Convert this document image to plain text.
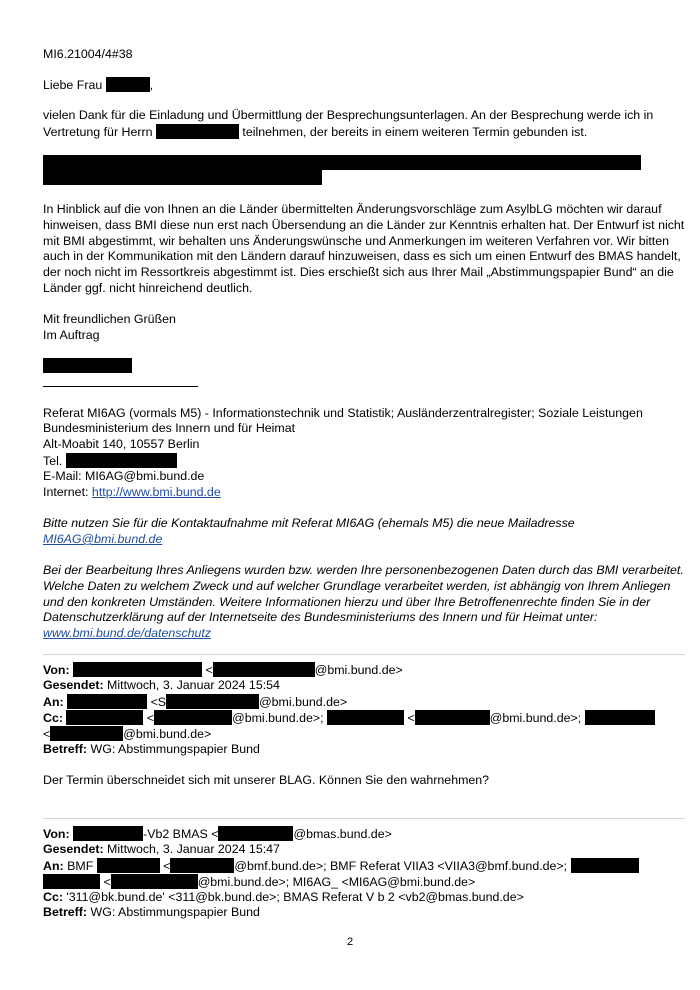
MI6.21004/4#38
Liebe Frau	,
vielen Dank für die Einladung und Übermittlung der Besprechungsunterlagen. An der Besprechung werde ich in
Vertretung für Herrn	teilnehmen, der bereits in einem weiteren Termin gebunden ist.
In Hinblick auf die von Ihnen an die Länder übermittelten Änderungsvorschläge zum AsylbLG möchten wir darauf
hinweisen, dass BMI diese nun erst nach Übersendung an die Länder zur Kenntnis erhalten hat. Der Entwurf ist nicht
mit BMI abgestimmt, wir behalten uns Änderungswünsche und Anmerkungen im weiteren Verfahren vor. Wir bitten
auch in der Kommunikation mit den Ländern darauf hinzuweisen, dass es sich um einen Entwurf des BMAS handelt,
der noch nicht im Ressortkreis abgestimmt ist. Dies erschießt sich aus Ihrer Mail „Abstimmungspapier Bund“ an die
Länder ggf. nicht hinreichend deutlich.
Mit freundlichen Grüßen
Im Auftrag
Referat MI6AG (vormals M5) - Informationstechnik und Statistik; Ausländerzentralregister; Soziale Leistungen
Bundesministerium des Innern und für Heimat
Alt-Moabit 140, 10557 Berlin
Tel.
E-Mail: MI6AG@bmi.bund.de
Internet: http://www.bmi.bund.de
Bitte nutzen Sie für die Kontaktaufnahme mit Referat MI6AG (ehemals M5) die neue Mailadresse
MI6AG@bmi.bund.de
Bei der Bearbeitung Ihres Anliegens wurden bzw. werden Ihre personenbezogenen Daten durch das BMI verarbeitet.
Welche Daten zu welchem Zweck und auf welcher Grundlage verarbeitet werden, ist abhängig von Ihrem Anliegen
und den konkreten Umständen. Weitere Informationen hierzu und über Ihre Betroffenenrechte finden Sie in der
Datenschutzerklärung auf der Internetseite des Bundesministeriums des Innern und für Heimat unter:
www.bmi.bund.de/datenschutz
Von:	<	@bmi.bund.de>
Gesendet: Mittwoch, 3. Januar 2024 15:54
An:	<S	@bmi.bund.de>
Cc:	<	@bmi.bund.de>;	<	@bmi.bund.de>;
<	@bmi.bund.de>
Betreff: WG: Abstimmungspapier Bund
Der Termin überschneidet sich mit unserer BLAG. Können Sie den wahrnehmen?
Von:	-Vb2 BMAS <	@bmas.bund.de>
Gesendet: Mittwoch, 3. Januar 2024 15:47
An: BMF	<	@bmf.bund.de>; BMF Referat VIIA3 <VIIA3@bmf.bund.de>;
<	@bmi.bund.de>; MI6AG_ <MI6AG@bmi.bund.de>
Cc: '311@bk.bund.de' <311@bk.bund.de>; BMAS Referat V b 2 <vb2@bmas.bund.de>
Betreff: WG: Abstimmungspapier Bund
2
